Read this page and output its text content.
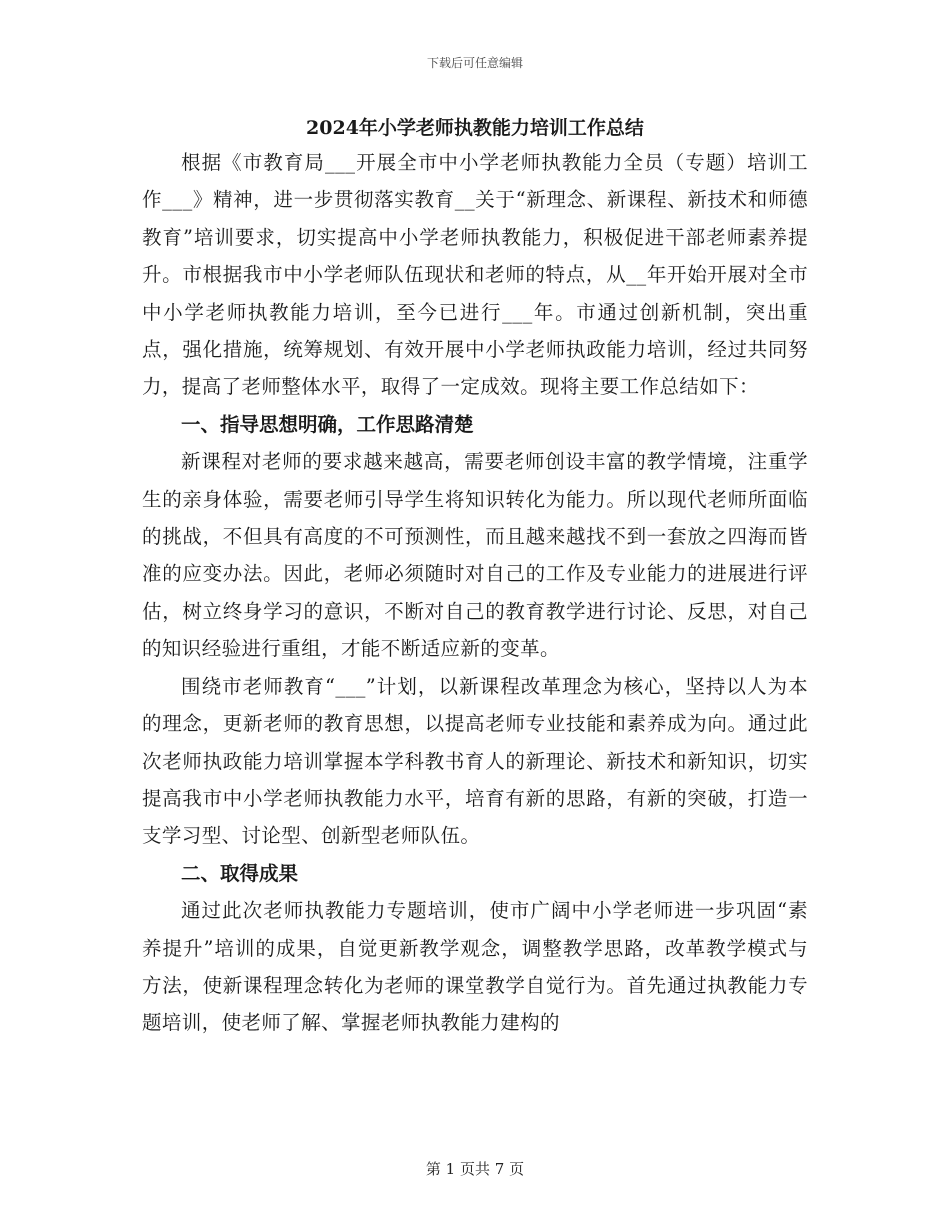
下载后可任意编辑
2024年小学老师执教能力培训工作总结

根据《市教育局___开展全市中小学老师执教能力全员（专题）培训工作___》精神，进一步贯彻落实教育__关于“新理念、新课程、新技术和师德教育”培训要求，切实提高中小学老师执教能力，积极促进干部老师素养提升。市根据我市中小学老师队伍现状和老师的特点，从__年开始开展对全市中小学老师执教能力培训，至今已进行___年。市通过创新机制，突出重点，强化措施，统筹规划、有效开展中小学老师执政能力培训，经过共同努力，提高了老师整体水平，取得了一定成效。现将主要工作总结如下：

一、指导思想明确，工作思路清楚

新课程对老师的要求越来越高，需要老师创设丰富的教学情境，注重学生的亲身体验，需要老师引导学生将知识转化为能力。所以现代老师所面临的挑战，不但具有高度的不可预测性，而且越来越找不到一套放之四海而皆准的应变办法。因此，老师必须随时对自己的工作及专业能力的进展进行评估，树立终身学习的意识，不断对自己的教育教学进行讨论、反思，对自己的知识经验进行重组，才能不断适应新的变革。

围绕市老师教育“___”计划，以新课程改革理念为核心，坚持以人为本的理念，更新老师的教育思想，以提高老师专业技能和素养成为向。通过此次老师执政能力培训掌握本学科教书育人的新理论、新技术和新知识，切实提高我市中小学老师执教能力水平，培育有新的思路，有新的突破，打造一支学习型、讨论型、创新型老师队伍。

二、取得成果

通过此次老师执教能力专题培训，使市广阔中小学老师进一步巩固“素养提升”培训的成果，自觉更新教学观念，调整教学思路，改革教学模式与方法，使新课程理念转化为老师的课堂教学自觉行为。首先通过执教能力专题培训，使老师了解、掌握老师执教能力建构的

第 1 页共 7 页
